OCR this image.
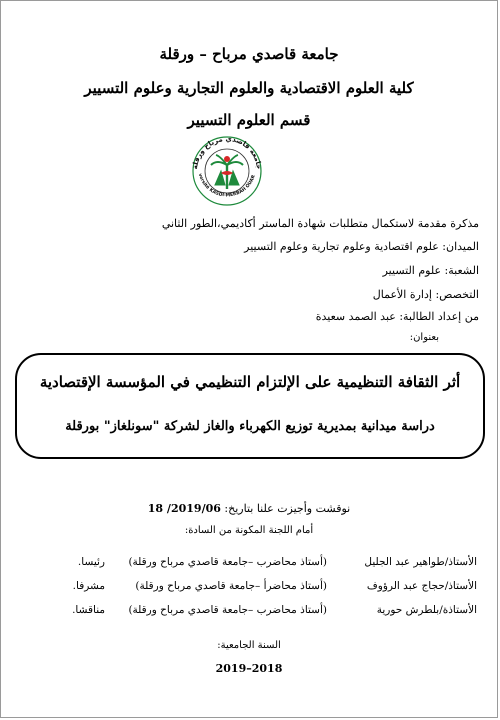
جامعة قاصدي مرباح – ورقلة
كلية العلوم الاقتصادية والعلوم التجارية وعلوم التسيير
قسم العلوم التسيير
جامعة قاصدي مرباح ورقلة
versité KASDI-MERBAH OUAR
مذكرة مقدمة لاستكمال متطلبات شهادة الماستر أكاديمي،الطور الثاني
الميدان: علوم اقتصادية وعلوم تجارية وعلوم التسيير
الشعبة: علوم التسيير
التخصص: إدارة الأعمال
من إعداد الطالبة: عبد الصمد سعيدة
بعنوان:
أثر الثقافة التنظيمية على الإلتزام التنظيمي في المؤسسة الإقتصادية
دراسة ميدانية بمديرية توزيع الكهرباء والغاز لشركة "سونلغاز" بورقلة
نوقشت وأجيزت علنا بتاريخ: 2019/06/ 18
أمام اللجنة المكونة من السادة:
الأستاذ/طواهير عبد الجليل
(أستاذ محاضرب –جامعة قاصدي مرباح ورقلة)
رئيسا.
الأستاذ/حجاج عبد الرؤوف
(أستاذ محاضرأ –جامعة قاصدي مرباح ورقلة)
مشرفا.
الأستاذة/بلطرش حورية
(أستاذ محاضرب –جامعة قاصدي مرباح ورقلة)
مناقشا.
السنة الجامعية:
2019–2018
